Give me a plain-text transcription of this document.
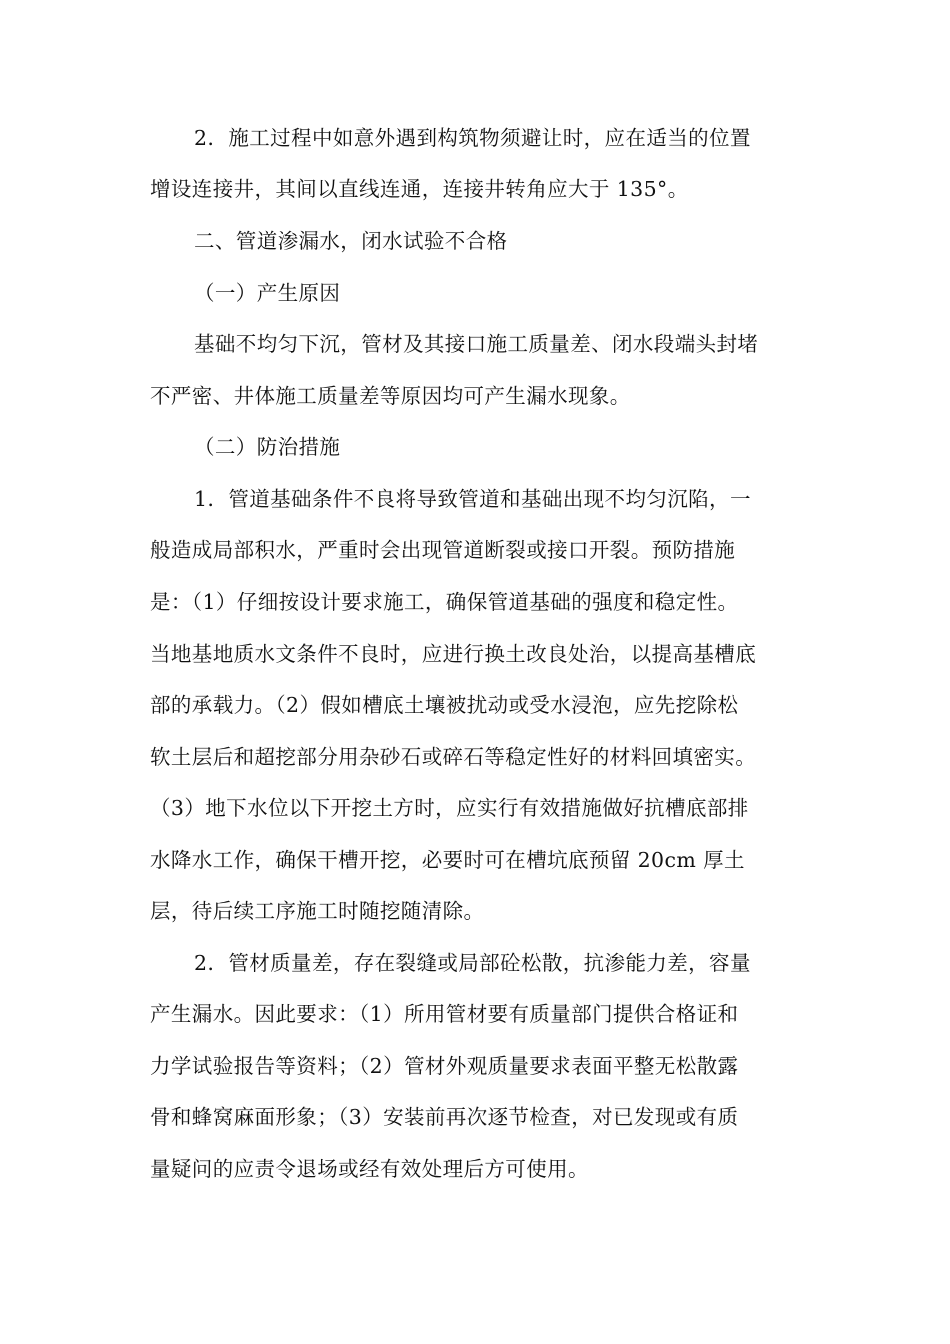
2．施工过程中如意外遇到构筑物须避让时，应在适当的位置
增设连接井，其间以直线连通，连接井转角应大于 135°。
二、管道渗漏水，闭水试验不合格
（一）产生原因
基础不均匀下沉，管材及其接口施工质量差、闭水段端头封堵
不严密、井体施工质量差等原因均可产生漏水现象。
（二）防治措施
1．管道基础条件不良将导致管道和基础出现不均匀沉陷，一
般造成局部积水，严重时会出现管道断裂或接口开裂。预防措施
是：（1）仔细按设计要求施工，确保管道基础的强度和稳定性。
当地基地质水文条件不良时，应进行换土改良处治，以提高基槽底
部的承载力。（2）假如槽底土壤被扰动或受水浸泡，应先挖除松
软土层后和超挖部分用杂砂石或碎石等稳定性好的材料回填密实。
（3）地下水位以下开挖土方时，应实行有效措施做好抗槽底部排
水降水工作，确保干槽开挖，必要时可在槽坑底预留 20cm 厚土
层，待后续工序施工时随挖随清除。
2．管材质量差，存在裂缝或局部砼松散，抗渗能力差，容量
产生漏水。因此要求：（1）所用管材要有质量部门提供合格证和
力学试验报告等资料；（2）管材外观质量要求表面平整无松散露
骨和蜂窝麻面形象；（3）安装前再次逐节检查，对已发现或有质
量疑问的应责令退场或经有效处理后方可使用。
